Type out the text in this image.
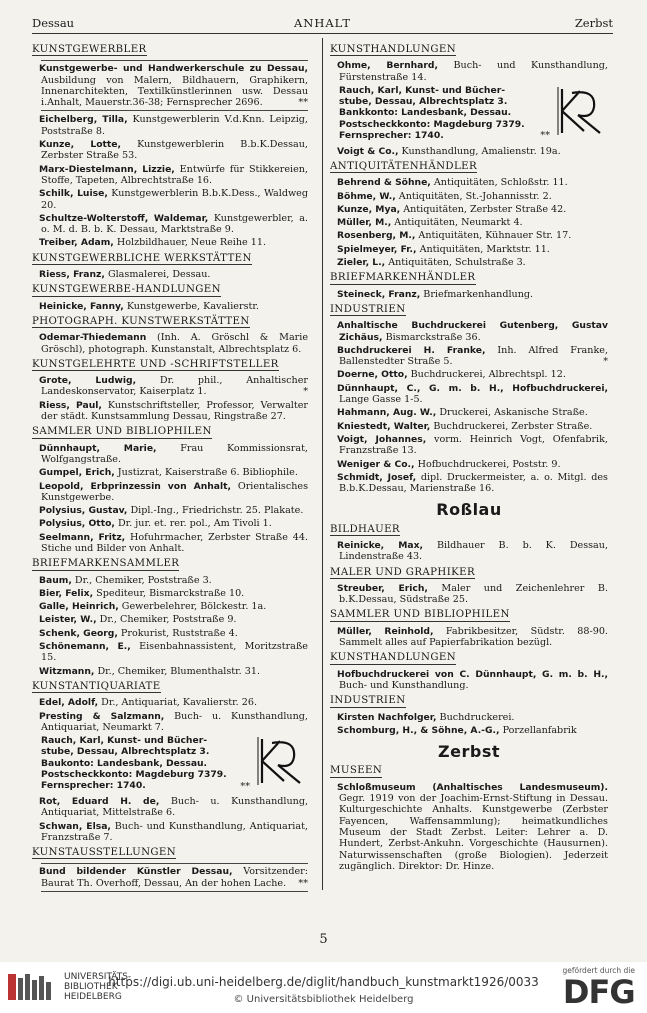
Dessau	ANHALT	Zerbst
KUNSTGEWERBLER
Kunstgewerbe- und Handwerkerschule zu Dessau, Ausbildung von Malern, Bildhauern, Graphikern, Innenarchitekten, Textilkünstlerinnen usw. Dessau i.Anhalt, Mauerstr.36-38; Fernsprecher 2696.	**
Eichelberg, Tilla, Kunstgewerblerin V.d.Knn. Leipzig, Poststraße 8.
Kunze, Lotte, Kunstgewerblerin B.b.K.Dessau, Zerbster Straße 53.
Marx-Diestelmann, Lizzie, Entwürfe für Stikkereien, Stoffe, Tapeten, Albrechtstraße 16.
Schilk, Luise, Kunstgewerblerin B.b.K.Dess., Waldweg 20.
Schultze-Wolterstoff, Waldemar, Kunstgewerbler, a. o. M. d. B. b. K. Dessau, Marktstraße 9.
Treiber, Adam, Holzbildhauer, Neue Reihe 11.
KUNSTGEWERBLICHE WERKSTÄTTEN
Riess, Franz, Glasmalerei, Dessau.
KUNSTGEWERBE-HANDLUNGEN
Heinicke, Fanny, Kunstgewerbe, Kavalierstr.
PHOTOGRAPH. KUNSTWERKSTÄTTEN
Odemar-Thiedemann (Inh. A. Gröschl & Marie Gröschl), photograph. Kunstanstalt, Albrechtsplatz 6.
KUNSTGELEHRTE UND -SCHRIFTSTELLER
Grote, Ludwig, Dr. phil., Anhaltischer Landeskonservator, Kaiserplatz 1.	*
Riess, Paul, Kunstschriftsteller, Professor, Verwalter der städt. Kunstsammlung Dessau, Ringstraße 27.
SAMMLER UND BIBLIOPHILEN
Dünnhaupt, Marie, Frau Kommissionsrat, Wolfgangstraße.
Gumpel, Erich, Justizrat, Kaiserstraße 6. Bibliophile.
Leopold, Erbprinzessin von Anhalt, Orientalisches Kunstgewerbe.
Polysius, Gustav, Dipl.-Ing., Friedrichstr. 25. Plakate.
Polysius, Otto, Dr. jur. et. rer. pol., Am Tivoli 1.
Seelmann, Fritz, Hofuhrmacher, Zerbster Straße 44. Stiche und Bilder von Anhalt.
BRIEFMARKENSAMMLER
Baum, Dr., Chemiker, Poststraße 3.
Bier, Felix, Spediteur, Bismarckstraße 10.
Galle, Heinrich, Gewerbelehrer, Bölckestr. 1a.
Leister, W., Dr., Chemiker, Poststraße 9.
Schenk, Georg, Prokurist, Ruststraße 4.
Schönemann, E., Eisenbahnassistent, Moritzstraße 15.
Witzmann, Dr., Chemiker, Blumenthalstr. 31.
KUNSTANTIQUARIATE
Edel, Adolf, Dr., Antiquariat, Kavalierstr. 26.
Presting & Salzmann, Buch- u. Kunsthandlung, Antiquariat, Neumarkt 7.
Rauch, Karl, Kunst- und Bücher-
stube, Dessau, Albrechtsplatz 3.
Baukonto: Landesbank, Dessau.
Postscheckkonto: Magdeburg 7379.
Fernsprecher: 1740.	**
Rot, Eduard H. de, Buch- u. Kunsthandlung, Antiquariat, Mittelstraße 6.
Schwan, Elsa, Buch- und Kunsthandlung, Antiquariat, Franzstraße 7.
KUNSTAUSSTELLUNGEN
Bund bildender Künstler Dessau, Vorsitzender: Baurat Th. Overhoff, Dessau, An der hohen Lache. **
KUNSTHANDLUNGEN
Ohme, Bernhard, Buch- und Kunsthandlung, Fürstenstraße 14.
Rauch, Karl, Kunst- und Bücher-
stube, Dessau, Albrechtsplatz 3.
Bankkonto: Landesbank, Dessau.
Postscheckkonto: Magdeburg 7379.
Fernsprecher: 1740.	**
Voigt & Co., Kunsthandlung, Amalienstr. 19a.
ANTIQUITÄTENHÄNDLER
Behrend & Söhne, Antiquitäten, Schloßstr. 11.
Böhme, W., Antiquitäten, St.-Johannisstr. 2.
Kunze, Mya, Antiquitäten, Zerbster Straße 42.
Müller, M., Antiquitäten, Neumarkt 4.
Rosenberg, M., Antiquitäten, Kühnauer Str. 17.
Spielmeyer, Fr., Antiquitäten, Marktstr. 11.
Zieler, L., Antiquitäten, Schulstraße 3.
BRIEFMARKENHÄNDLER
Steineck, Franz, Briefmarkenhandlung.
INDUSTRIEN
Anhaltische Buchdruckerei Gutenberg, Gustav Zichäus, Bismarckstraße 36.
Buchdruckerei H. Franke, Inh. Alfred Franke, Ballenstedter Straße 5.	*
Doerne, Otto, Buchdruckerei, Albrechtspl. 12.
Dünnhaupt, C., G. m. b. H., Hofbuchdruckerei, Lange Gasse 1-5.
Hahmann, Aug. W., Druckerei, Askanische Straße.
Kniestedt, Walter, Buchdruckerei, Zerbster Straße.
Voigt, Johannes, vorm. Heinrich Vogt, Ofenfabrik, Franzstraße 13.
Weniger & Co., Hofbuchdruckerei, Poststr. 9.
Schmidt, Josef, dipl. Druckermeister, a. o. Mitgl. des B.b.K.Dessau, Marienstraße 16.
Roßlau
BILDHAUER
Reinicke, Max, Bildhauer B. b. K. Dessau, Lindenstraße 43.
MALER UND GRAPHIKER
Streuber, Erich, Maler und Zeichenlehrer B. b.K.Dessau, Südstraße 25.
SAMMLER UND BIBLIOPHILEN
Müller, Reinhold, Fabrikbesitzer, Südstr. 88-90. Sammelt alles auf Papierfabrikation bezügl.
KUNSTHANDLUNGEN
Hofbuchdruckerei von C. Dünnhaupt, G. m. b. H., Buch- und Kunsthandlung.
INDUSTRIEN
Kirsten Nachfolger, Buchdruckerei.
Schomburg, H., & Söhne, A.-G., Porzellanfabrik
Zerbst
MUSEEN
Schloßmuseum (Anhaltisches Landesmuseum). Gegr. 1919 von der Joachim-Ernst-Stiftung in Dessau. Kulturgeschichte Anhalts. Kunstgewerbe (Zerbster Fayencen, Waffensammlung); heimatkundliches Museum der Stadt Zerbst. Leiter: Lehrer a. D. Hundert, Zerbst-Ankuhn. Vorgeschichte (Hausurnen). Naturwissenschaften (große Biologien). Jederzeit zugänglich. Direktor: Dr. Hinze.
5
UNIVERSITÄTS-
BIBLIOTHEK
HEIDELBERG
https://digi.ub.uni-heidelberg.de/diglit/handbuch_kunstmarkt1926/0033
© Universitätsbibliothek Heidelberg
gefördert durch die
DFG
